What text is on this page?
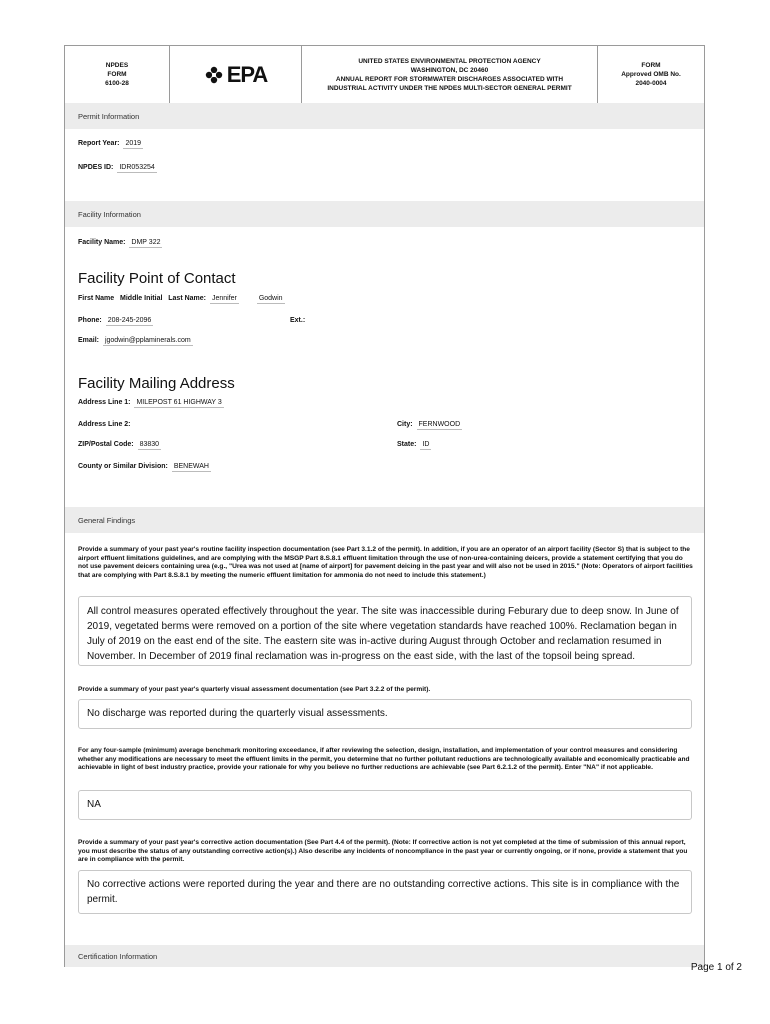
NPDES
FORM
6100-28	EPA
UNITED STATES ENVIRONMENTAL PROTECTION AGENCY
WASHINGTON, DC 20460
ANNUAL REPORT FOR STORMWATER DISCHARGES ASSOCIATED WITH
INDUSTRIAL ACTIVITY UNDER THE NPDES MULTI-SECTOR GENERAL PERMIT
FORM
Approved OMB No.
2040-0004
Permit Information
Report Year: 2019
NPDES ID: IDR053254
Facility Information
Facility Name: DMP 322
Facility Point of Contact
First Name Middle Initial Last Name: Jennifer	Godwin
Phone: 208-245-2096	Ext.:
Email: jgodwin@pplaminerals.com
Facility Mailing Address
Address Line 1: MILEPOST 61 HIGHWAY 3
Address Line 2:	City: FERNWOOD
ZIP/Postal Code: 83830	State: ID
County or Similar Division: BENEWAH
General Findings
Provide a summary of your past year's routine facility inspection documentation (see Part 3.1.2 of the permit). In addition, if you are an operator of an airport facility (Sector S) that is subject to the airport effluent limitations guidelines, and are complying with the MSGP Part 8.S.8.1 effluent limitation through the use of non-urea-containing deicers, provide a statement certifying that you do not use pavement deicers containing urea (e.g., "Urea was not used at [name of airport] for pavement deicing in the past year and will also not be used in 2015." (Note: Operators of airport facilities that are complying with Part 8.S.8.1 by meeting the numeric effluent limitation for ammonia do not need to include this statement.)
All control measures operated effectively throughout the year. The site was inaccessible during Feburary due to deep snow. In June of 2019, vegetated berms were removed on a portion of the site where vegetation standards have reached 100%. Reclamation began in July of 2019 on the east end of the site. The eastern site was in-active during August through October and reclamation resumed in November. In December of 2019 final reclamation was in-progress on the east side, with the last of the topsoil being spread.
Provide a summary of your past year's quarterly visual assessment documentation (see Part 3.2.2 of the permit).
No discharge was reported during the quarterly visual assessments.
For any four-sample (minimum) average benchmark monitoring exceedance, if after reviewing the selection, design, installation, and implementation of your control measures and considering whether any modifications are necessary to meet the effluent limits in the permit, you determine that no further pollutant reductions are technologically available and economically practicable and achievable in light of best industry practice, provide your rationale for why you believe no further reductions are achievable (see Part 6.2.1.2 of the permit). Enter "NA" if not applicable.
NA
Provide a summary of your past year's corrective action documentation (See Part 4.4 of the permit). (Note: If corrective action is not yet completed at the time of submission of this annual report, you must describe the status of any outstanding corrective action(s).) Also describe any incidents of noncompliance in the past year or currently ongoing, or if none, provide a statement that you are in compliance with the permit.
No corrective actions were reported during the year and there are no outstanding corrective actions. This site is in compliance with the permit.
Certification Information
Page 1 of 2
